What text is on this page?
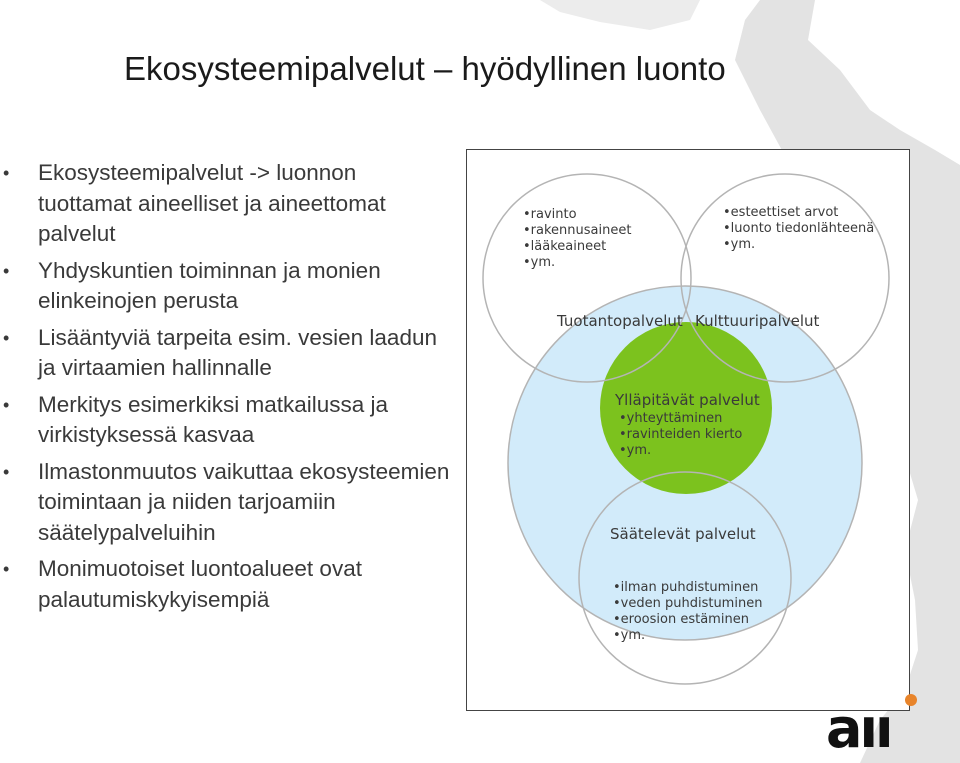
Ekosysteemipalvelut – hyödyllinen luonto
• Ekosysteemipalvelut -> luonnon tuottamat aineelliset ja aineettomat palvelut
• Yhdyskuntien toiminnan ja monien elinkeinojen perusta
• Lisääntyviä tarpeita esim. vesien laadun ja virtaamien hallinnalle
• Merkitys esimerkiksi matkailussa ja virkistyksessä kasvaa
• Ilmastonmuutos vaikuttaa ekosysteemien toimintaan ja niiden tarjoamiin säätelypalveluihin
• Monimuotoiset luontoalueet ovat palautumiskykyisempiä
•ravinto
•rakennusaineet
•lääkeaineet
•ym.
•esteettiset arvot
•luonto tiedonlähteenä
•ym.
Tuotantopalvelut Kulttuuripalvelut
Ylläpitävät palvelut
•yhteyttäminen
•ravinteiden kierto
•ym.
Säätelevät palvelut
•ilman puhdistuminen
•veden puhdistuminen
•eroosion estäminen
•ym.
aıı
